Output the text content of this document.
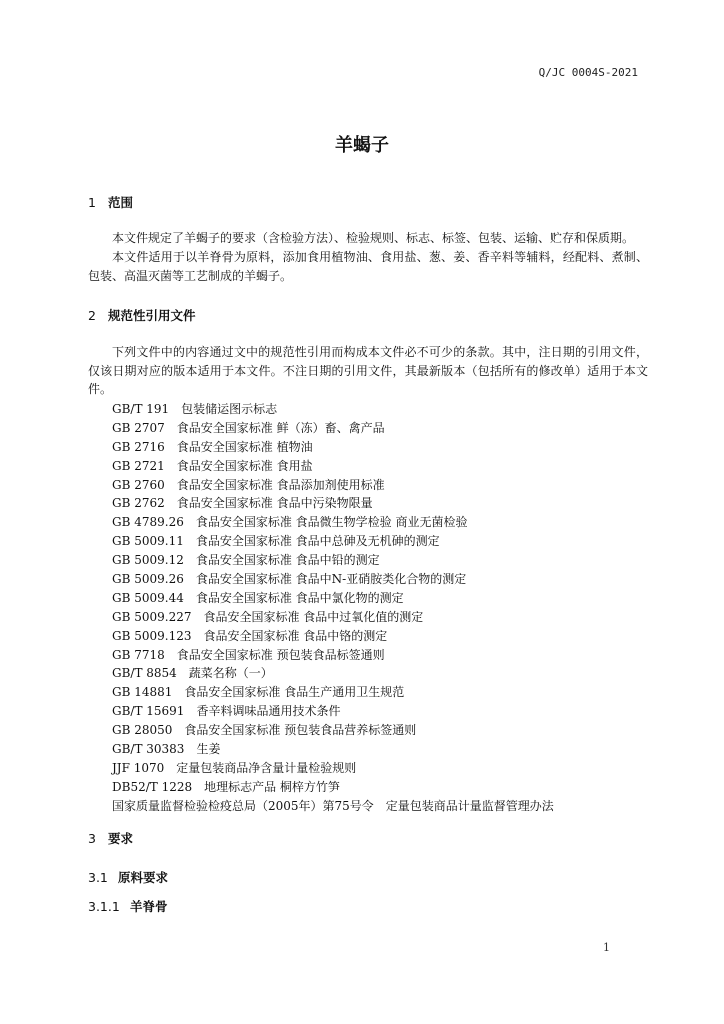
Q/JC 0004S-2021
羊蝎子
1 范围

本文件规定了羊蝎子的要求（含检验方法）、检验规则、标志、标签、包装、运输、贮存和保质期。

本文件适用于以羊脊骨为原料，添加食用植物油、食用盐、葱、姜、香辛料等辅料，经配料、煮制、包装、高温灭菌等工艺制成的羊蝎子。

2 规范性引用文件

下列文件中的内容通过文中的规范性引用而构成本文件必不可少的条款。其中，注日期的引用文件，仅该日期对应的版本适用于本文件。不注日期的引用文件，其最新版本（包括所有的修改单）适用于本文件。

GB/T 191　包装储运图示标志
GB 2707　食品安全国家标准 鲜（冻）畜、禽产品
GB 2716　食品安全国家标准 植物油
GB 2721　食品安全国家标准 食用盐
GB 2760　食品安全国家标准 食品添加剂使用标准
GB 2762　食品安全国家标准 食品中污染物限量
GB 4789.26　食品安全国家标准 食品微生物学检验 商业无菌检验
GB 5009.11　食品安全国家标准 食品中总砷及无机砷的测定
GB 5009.12　食品安全国家标准 食品中铅的测定
GB 5009.26　食品安全国家标准 食品中N-亚硝胺类化合物的测定
GB 5009.44　食品安全国家标准 食品中氯化物的测定
GB 5009.227　食品安全国家标准 食品中过氧化值的测定
GB 5009.123　食品安全国家标准 食品中铬的测定
GB 7718　食品安全国家标准 预包装食品标签通则
GB/T 8854　蔬菜名称（一）
GB 14881　食品安全国家标准 食品生产通用卫生规范
GB/T 15691　香辛料调味品通用技术条件
GB 28050　食品安全国家标准 预包装食品营养标签通则
GB/T 30383　生姜
JJF 1070　定量包装商品净含量计量检验规则
DB52/T 1228　地理标志产品 桐梓方竹笋
国家质量监督检验检疫总局（2005年）第75号令　定量包装商品计量监督管理办法
3 要求
3.1 原料要求
3.1.1 羊脊骨
1
